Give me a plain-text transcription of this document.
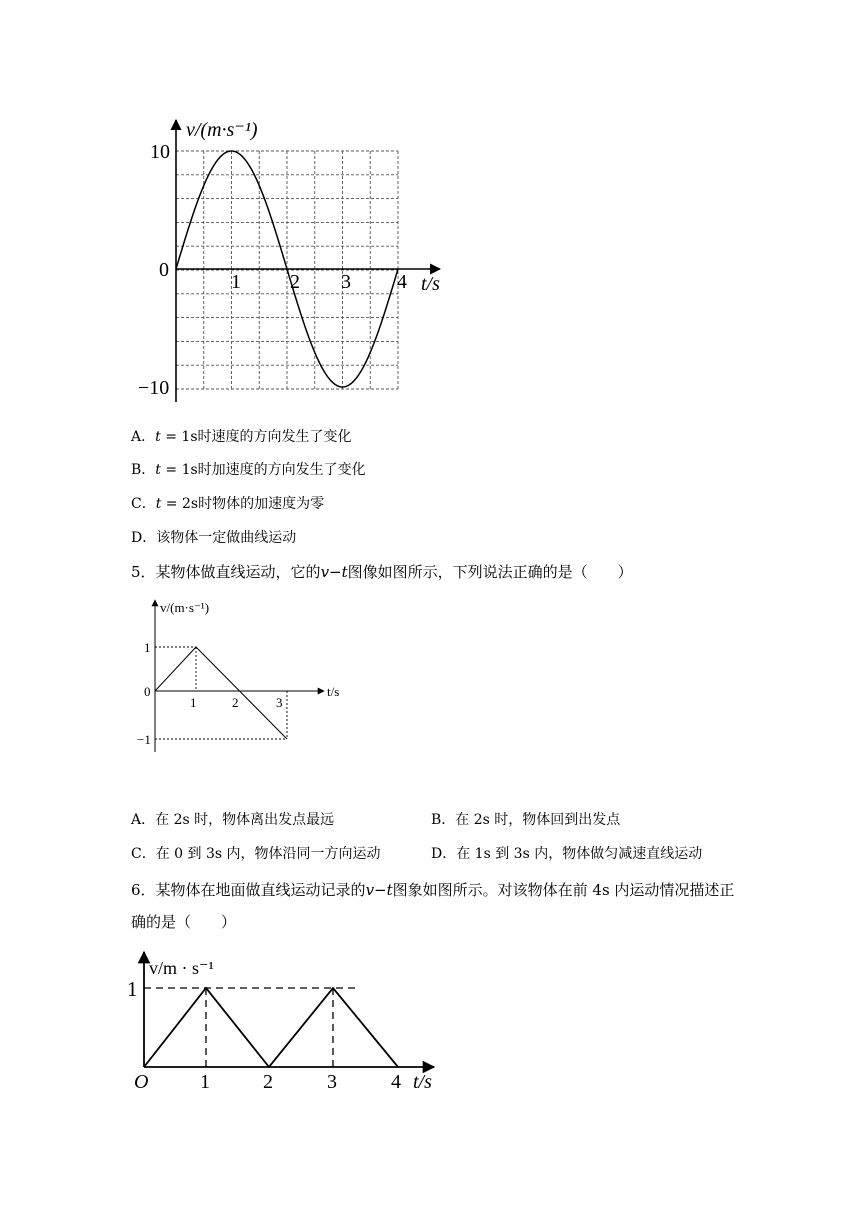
v/(m·s⁻¹)
t/s
10
0
−10
1 2 3 4
A．t = 1s时速度的方向发生了变化
B．t = 1s时加速度的方向发生了变化
C．t = 2s时物体的加速度为零
D．该物体一定做曲线运动
5．某物体做直线运动，它的v−t图像如图所示，下列说法正确的是（　　）
v/(m·s⁻¹)
t/s
1
0
−1
1	2	3
A．在 2s 时，物体离出发点最远	B．在 2s 时，物体回到出发点
C．在 0 到 3s 内，物体沿同一方向运动	D．在 1s 到 3s 内，物体做匀减速直线运动
6．某物体在地面做直线运动记录的v−t图象如图所示。对该物体在前 4s 内运动情况描述正
确的是（　　）
v/m · s⁻¹
t/s
O
1
1	2	3	4
